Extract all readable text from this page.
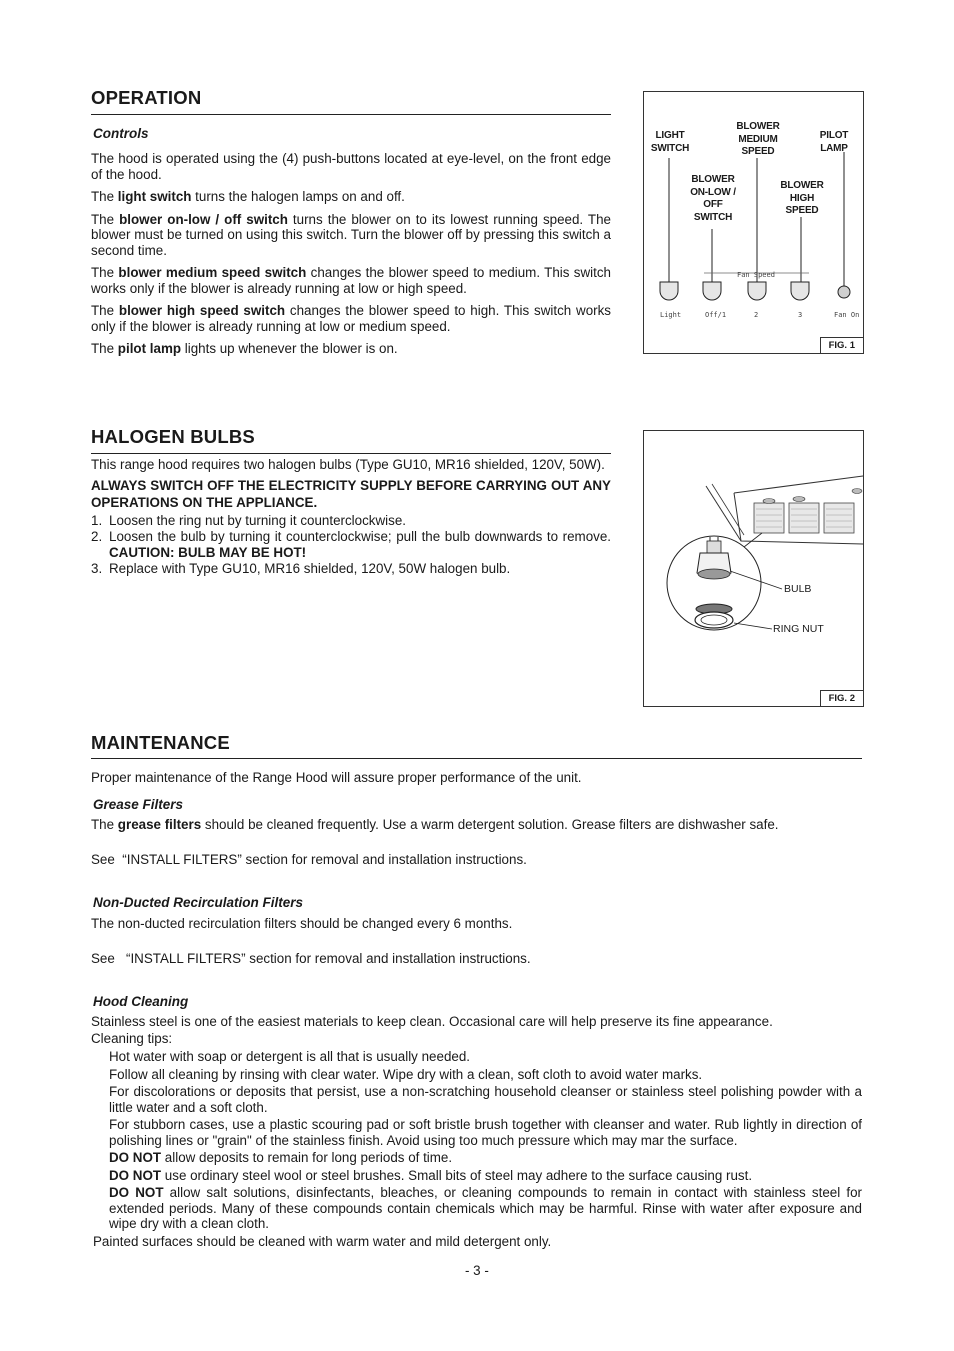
OPERATION
Controls

The hood is operated using the (4) push-buttons located at eye-level, on the front edge of the hood.

The light switch turns the halogen lamps on and off.

The blower on-low / off switch turns the blower on to its lowest running speed. The blower must be turned on using this switch. Turn the blower off by pressing this switch a second time.

The blower medium speed switch changes the blower speed to medium. This switch works only if the blower is already running at low or high speed.

The blower high speed switch changes the blower speed to high. This switch works only if the blower is already running at low or medium speed.

The pilot lamp lights up whenever the blower is on.

LIGHT
SWITCH
BLOWER
ON-LOW /
OFF
SWITCH
BLOWER
MEDIUM
SPEED
BLOWER
HIGH
SPEED
PILOT
LAMP
Fan Speed
Light	Off/1	2	3	Fan On
FIG. 1
HALOGEN BULBS

This range hood requires two halogen bulbs (Type GU10, MR16 shielded, 120V, 50W).

ALWAYS SWITCH OFF THE ELECTRICITY SUPPLY BEFORE CARRYING OUT ANY OPERATIONS ON THE APPLIANCE.

1. Loosen the ring nut by turning it counterclockwise.
2. Loosen the bulb by turning it counterclockwise; pull the bulb downwards to remove. CAUTION: BULB MAY BE HOT!
3. Replace with Type GU10, MR16 shielded, 120V, 50W halogen bulb.
BULB
RING NUT
FIG. 2
MAINTENANCE
Proper maintenance of the Range Hood will assure proper performance of the unit.
Grease Filters
The grease filters should be cleaned frequently. Use a warm detergent solution. Grease filters are dishwasher safe.
See  “INSTALL FILTERS” section for removal and installation instructions.
Non-Ducted Recirculation Filters
The non-ducted recirculation filters should be changed every 6 months.
See   “INSTALL FILTERS” section for removal and installation instructions.
Hood Cleaning

Stainless steel is one of the easiest materials to keep clean. Occasional care will help preserve its fine appearance.

Cleaning tips:

Hot water with soap or detergent is all that is usually needed.

Follow all cleaning by rinsing with clear water. Wipe dry with a clean, soft cloth to avoid water marks.

For discolorations or deposits that persist, use a non-scratching household cleanser or stainless steel polishing powder with a little water and a soft cloth.

For stubborn cases, use a plastic scouring pad or soft bristle brush together with cleanser and water. Rub lightly in direction of polishing lines or "grain" of the stainless finish. Avoid using too much pressure which may mar the surface.

DO NOT allow deposits to remain for long periods of time.

DO NOT use ordinary steel wool or steel brushes. Small bits of steel may adhere to the surface causing rust.

DO NOT allow salt solutions, disinfectants, bleaches, or cleaning compounds to remain in contact with stainless steel for extended periods. Many of these compounds contain chemicals which may be harmful. Rinse with water after exposure and wipe dry with a clean cloth.

Painted surfaces should be cleaned with warm water and mild detergent only.

- 3 -
